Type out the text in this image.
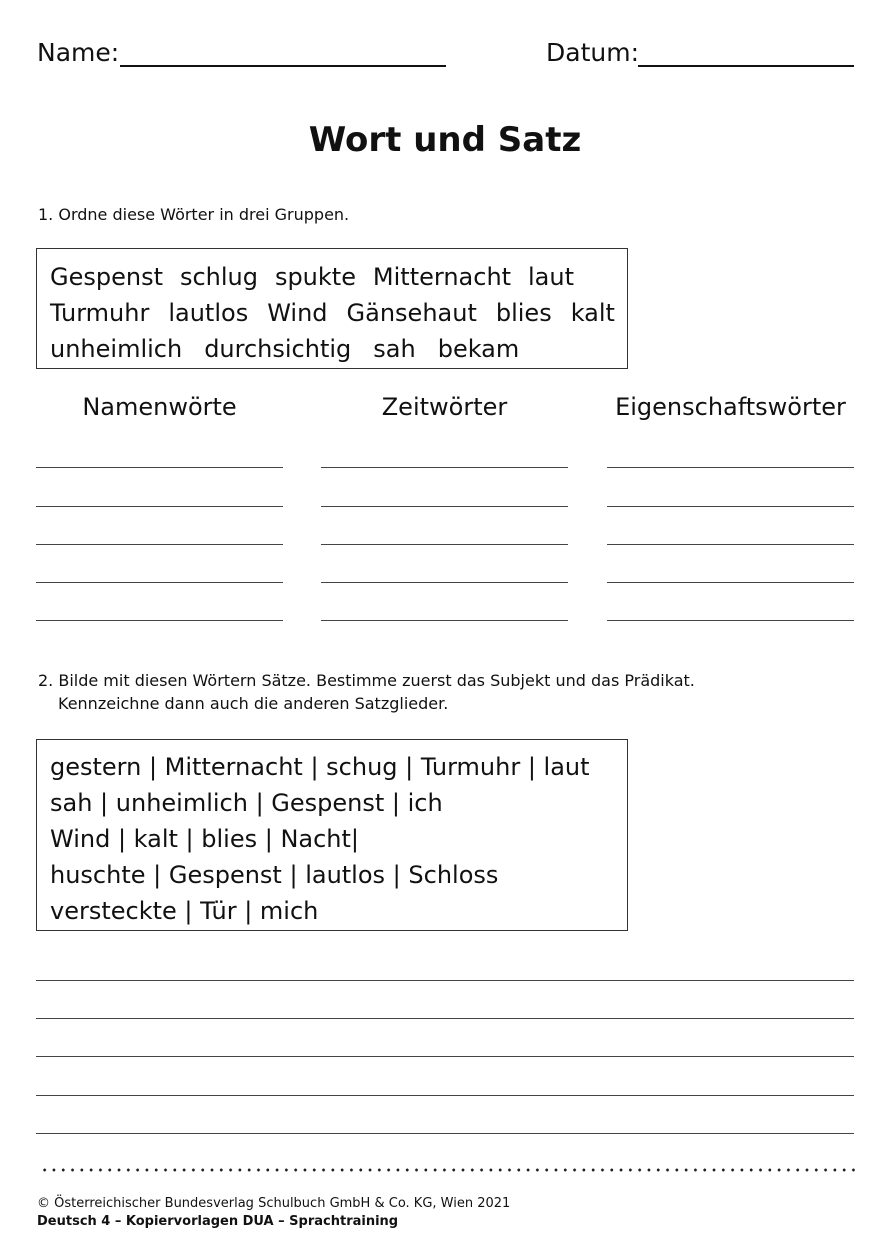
Name:	Datum:
Wort und Satz
1. Ordne diese Wörter in drei Gruppen.
Gespenst schlug spukte Mitternacht laut
Turmuhr lautlos Wind Gänsehaut blies kalt
unheimlich durchsichtig sah bekam
Namenwörte	Zeitwörter	Eigenschaftswörter
2. Bilde mit diesen Wörtern Sätze. Bestimme zuerst das Subjekt und das Prädikat.
Kennzeichne dann auch die anderen Satzglieder.
gestern | Mitternacht | schug | Turmuhr | laut
sah | unheimlich | Gespenst | ich
Wind | kalt | blies | Nacht|
huschte | Gespenst | lautlos | Schloss
versteckte | Tür | mich
© Österreichischer Bundesverlag Schulbuch GmbH & Co. KG, Wien 2021
Deutsch 4 – Kopiervorlagen DUA – Sprachtraining
